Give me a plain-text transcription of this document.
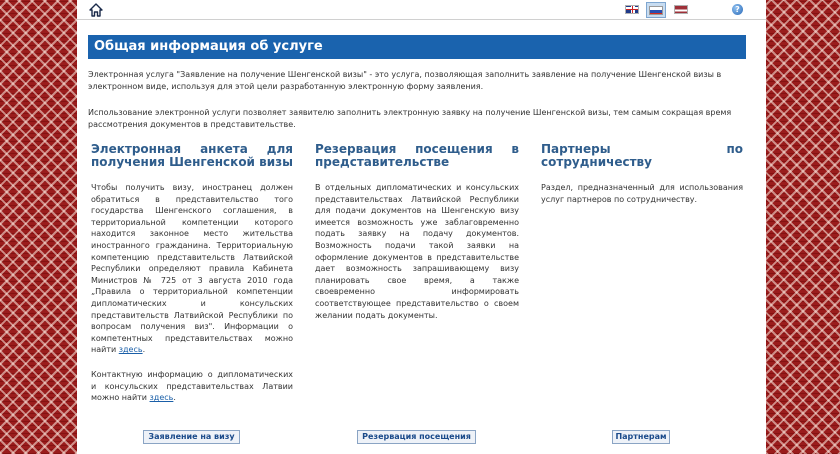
?
Общая информация об услуге

Электронная услуга "Заявление на получение Шенгенской визы" - это услуга, позволяющая заполнить заявление на получение Шенгенской визы в электронном виде, используя для этой цели разработанную электронную форму заявления.

Использование электронной услуги позволяет заявителю заполнить электронную заявку на получение Шенгенской визы, тем самым сокращая время рассмотрения документов в представительстве.

Электронная анкета для получения Шенгенской визы

Чтобы получить визу, иностранец должен обратиться в представительство того государства Шенгенского соглашения, в территориальной компетенции которого находится законное место жительства иностранного гражданина. Территориальную компетенцию представительств Латвийской Республики определяют правила Кабинета Министров № 725 от 3 августа 2010 года „Правила о территориальной компетенции дипломатических и консульских представительств Латвийской Республики по вопросам получения виз". Информации о компетентных представительствах можно найти здесь.

Контактную информацию о дипломатических и консульских представительствах Латвии можно найти здесь.

Резервация посещения в представительстве

В отдельных дипломатических и консульских представительствах Латвийской Республики для подачи документов на Шенгенскую визу имеется возможность уже заблаговременно подать заявку на подачу документов. Возможность подачи такой заявки на оформление документов в представительстве дает возможность запрашивающему визу планировать свое время, а также своевременно информировать соответствующее представительство о своем желании подать документы.

Партнеры по сотрудничеству

Раздел, предназначенный для использования услуг партнеров по сотрудничеству.

Заявление на визу	Резервация посещения	Партнерам
